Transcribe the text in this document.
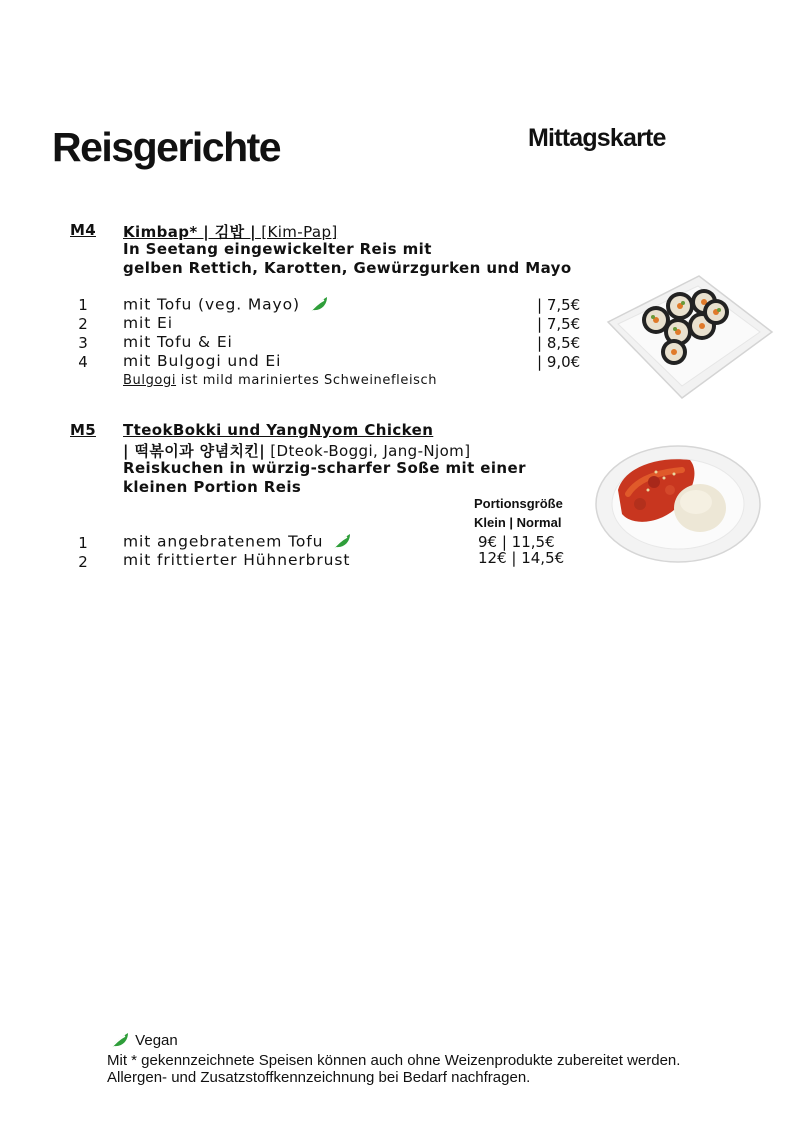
Reisgerichte	Mittagskarte
M4 Kimbap* | 김밥 | [Kim-Pap]
In Seetang eingewickelter Reis mit
gelben Rettich, Karotten, Gewürzgurken und Mayo
1 mit Tofu (veg. Mayo)	| 7,5€
2 mit Ei	| 7,5€
3 mit Tofu & Ei	| 8,5€
4 mit Bulgogi und Ei	| 9,0€
Bulgogi ist mild mariniertes Schweinefleisch
M5 TteokBokki und YangNyom Chicken
| 떡볶이과 양념치킨| [Dteok-Boggi, Jang-Njom]
Reiskuchen in würzig-scharfer Soße mit einer
kleinen Portion Reis
Portionsgröße
Klein | Normal
1 mit angebratenem Tofu	9€ | 11,5€
2 mit frittierter Hühnerbrust	12€ | 14,5€
Vegan
Mit * gekennzeichnete Speisen können auch ohne Weizenprodukte zubereitet werden.
Allergen- und Zusatzstoffkennzeichnung bei Bedarf nachfragen.
